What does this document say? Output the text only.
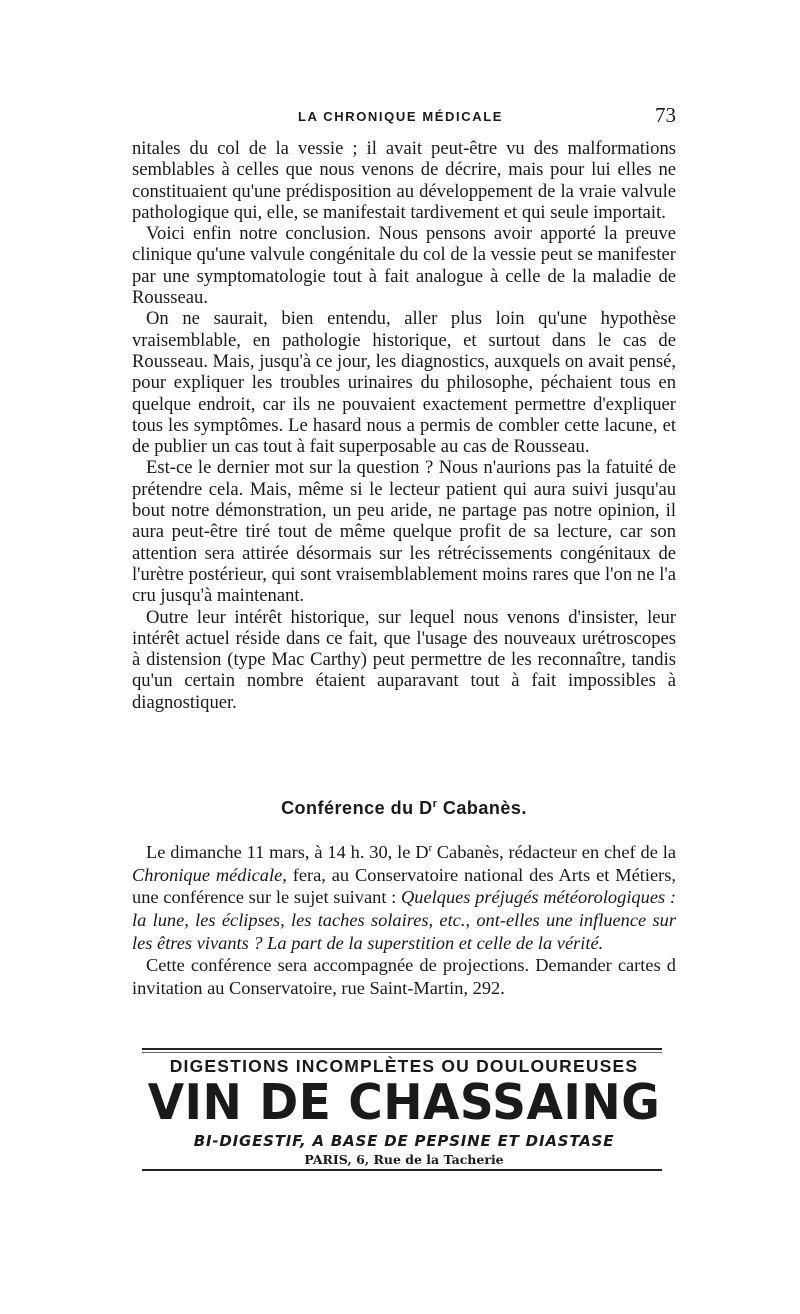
LA CHRONIQUE MÉDICALE	73

nitales du col de la vessie ; il avait peut-être vu des malformations semblables à celles que nous venons de décrire, mais pour lui elles ne constituaient qu'une prédisposition au développement de la vraie valvule pathologique qui, elle, se manifestait tardivement et qui seule importait.

Voici enfin notre conclusion. Nous pensons avoir apporté la preuve clinique qu'une valvule congénitale du col de la vessie peut se manifester par une symptomatologie tout à fait analogue à celle de la maladie de Rousseau.

On ne saurait, bien entendu, aller plus loin qu'une hypothèse vraisemblable, en pathologie historique, et surtout dans le cas de Rousseau. Mais, jusqu'à ce jour, les diagnostics, auxquels on avait pensé, pour expliquer les troubles urinaires du philosophe, péchaient tous en quelque endroit, car ils ne pouvaient exactement permettre d'expliquer tous les symptômes. Le hasard nous a permis de combler cette lacune, et de publier un cas tout à fait superposable au cas de Rousseau.

Est-ce le dernier mot sur la question ? Nous n'aurions pas la fatuité de prétendre cela. Mais, même si le lecteur patient qui aura suivi jusqu'au bout notre démonstration, un peu aride, ne partage pas notre opinion, il aura peut-être tiré tout de même quelque profit de sa lecture, car son attention sera attirée désormais sur les rétrécissements congénitaux de l'urètre postérieur, qui sont vraisemblablement moins rares que l'on ne l'a cru jusqu'à maintenant.

Outre leur intérêt historique, sur lequel nous venons d'insister, leur intérêt actuel réside dans ce fait, que l'usage des nouveaux urétroscopes à distension (type Mac Carthy) peut permettre de les reconnaître, tandis qu'un certain nombre étaient auparavant tout à fait impossibles à diagnostiquer.

Conférence du $D^r$ Cabanès.

Le dimanche 11 mars, à 14 h. 30, le $D^r$ Cabanès, rédacteur en chef de la Chronique médicale, fera, au Conservatoire national des Arts et Métiers, une conférence sur le sujet suivant : Quelques préjugés météorologiques : la lune, les éclipses, les taches solaires, etc., ont-elles une influence sur les êtres vivants ? La part de la superstition et celle de la vérité.

Cette conférence sera accompagnée de projections. Demander cartes d invitation au Conservatoire, rue Saint-Martin, 292.

DIGESTIONS INCOMPLÈTES OU DOULOUREUSES
VIN DE CHASSAING
BI-DIGESTIF, A BASE DE PEPSINE ET DIASTASE
PARIS, 6, Rue de la Tacherie
